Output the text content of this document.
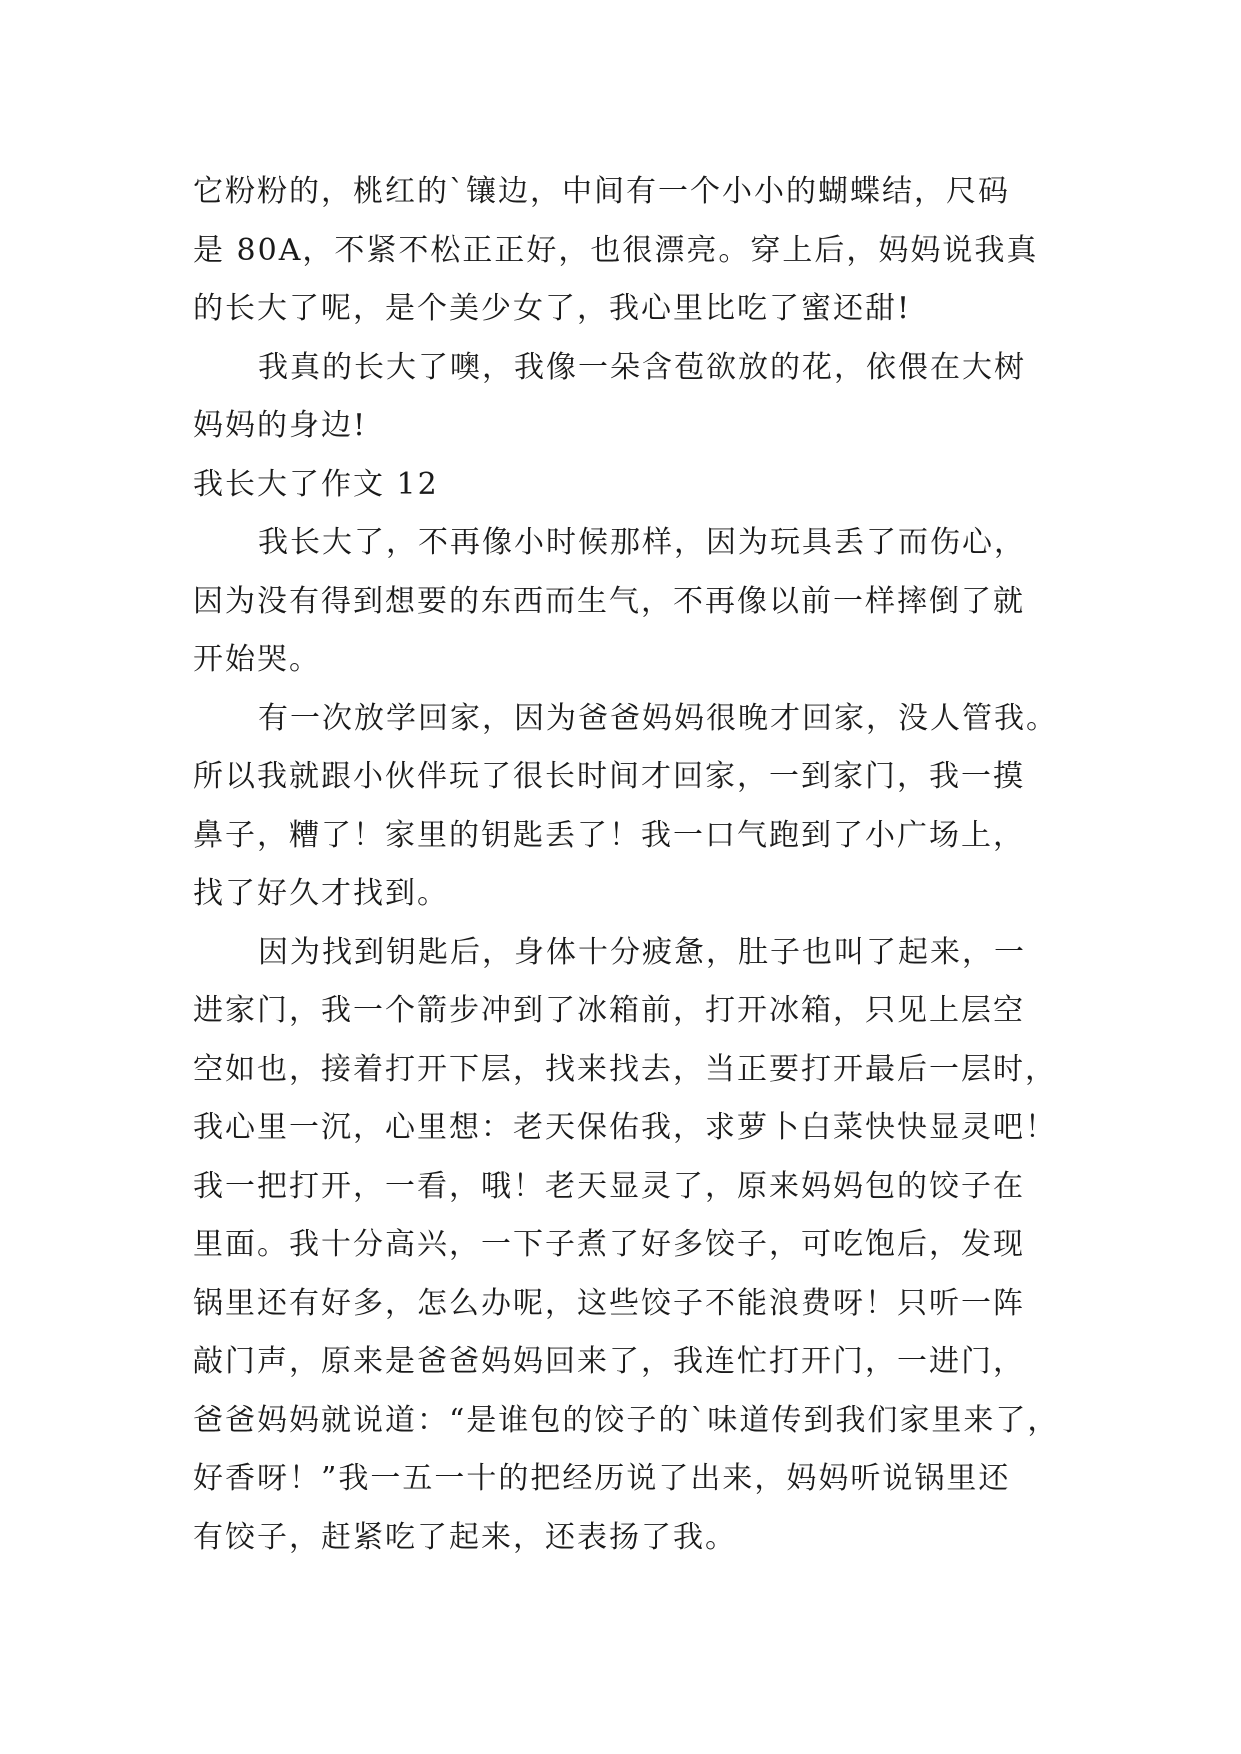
它粉粉的，桃红的`镶边，中间有一个小小的蝴蝶结，尺码
是 80A，不紧不松正正好，也很漂亮。穿上后，妈妈说我真
的长大了呢，是个美少女了，我心里比吃了蜜还甜!
我真的长大了噢，我像一朵含苞欲放的花，依偎在大树
妈妈的身边!
我长大了作文 12
我长大了，不再像小时候那样，因为玩具丢了而伤心，
因为没有得到想要的东西而生气，不再像以前一样摔倒了就
开始哭。
有一次放学回家，因为爸爸妈妈很晚才回家，没人管我。
所以我就跟小伙伴玩了很长时间才回家，一到家门，我一摸
鼻子，糟了！家里的钥匙丢了！我一口气跑到了小广场上，
找了好久才找到。
因为找到钥匙后，身体十分疲惫，肚子也叫了起来，一
进家门，我一个箭步冲到了冰箱前，打开冰箱，只见上层空
空如也，接着打开下层，找来找去，当正要打开最后一层时，
我心里一沉，心里想：老天保佑我，求萝卜白菜快快显灵吧！
我一把打开，一看，哦！老天显灵了，原来妈妈包的饺子在
里面。我十分高兴，一下子煮了好多饺子，可吃饱后，发现
锅里还有好多，怎么办呢，这些饺子不能浪费呀！只听一阵
敲门声，原来是爸爸妈妈回来了，我连忙打开门，一进门，
爸爸妈妈就说道：“是谁包的饺子的`味道传到我们家里来了，
好香呀！”我一五一十的把经历说了出来，妈妈听说锅里还
有饺子，赶紧吃了起来，还表扬了我。
